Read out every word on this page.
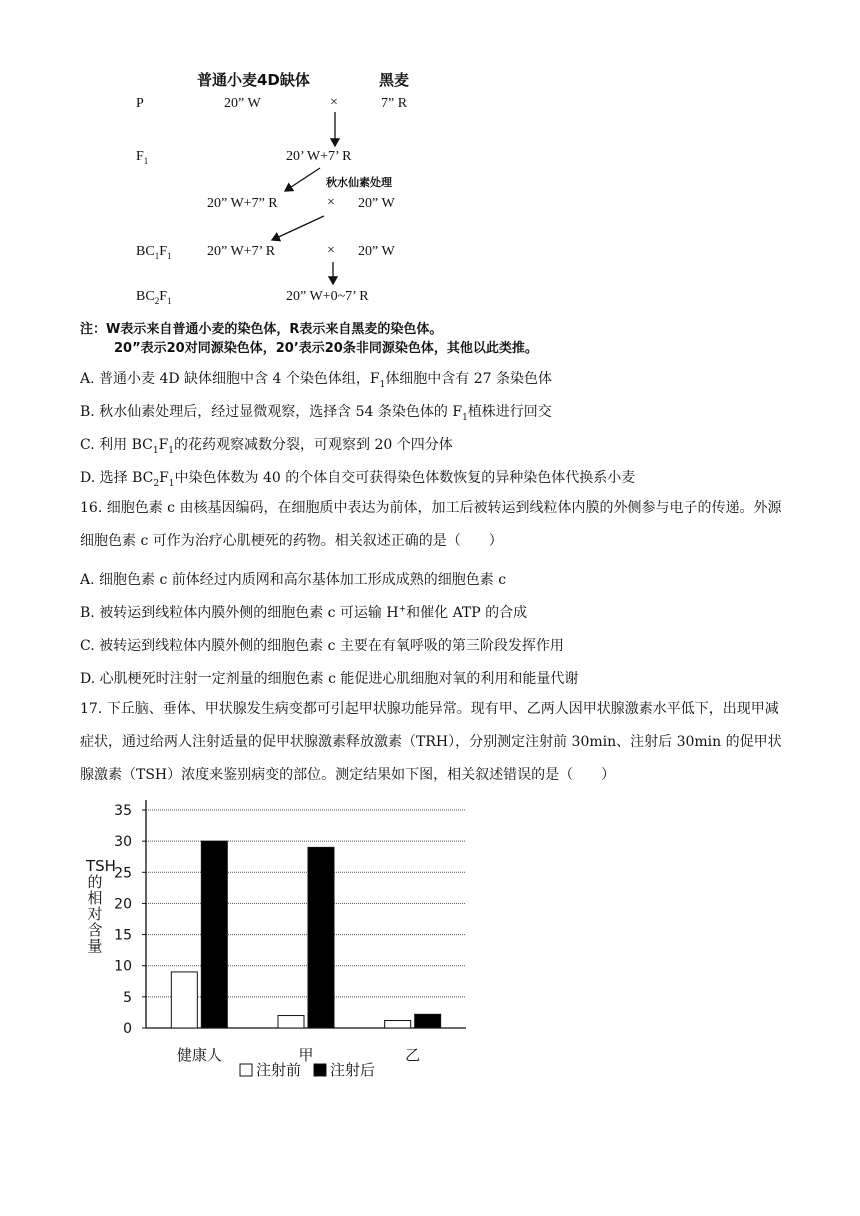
普通小麦4D缺体	黑麦
P	20” W	×	7” R
$F_1$	20’ W+7’ R
秋水仙素处理
20” W+7” R	× 20” W
$BC_1F_1$	20” W+7’ R	× 20” W
$BC_2F_1$	20” W+0~7’ R
注：W表示来自普通小麦的染色体，R表示来自黑麦的染色体。
20”表示20对同源染色体，20’表示20条非同源染色体，其他以此类推。
A. 普通小麦 4D 缺体细胞中含 4 个染色体组，$F_1$体细胞中含有 27 条染色体
B. 秋水仙素处理后，经过显微观察，选择含 54 条染色体的 $F_1$植株进行回交
C. 利用 $BC_1F_1$的花药观察减数分裂，可观察到 20 个四分体
D. 选择 $BC_2F_1$中染色体数为 40 的个体自交可获得染色体数恢复的异种染色体代换系小麦
16. 细胞色素 c 由核基因编码，在细胞质中表达为前体，加工后被转运到线粒体内膜的外侧参与电子的传递。外源细胞色素 c 可作为治疗心肌梗死的药物。相关叙述正确的是（　　）
A. 细胞色素 c 前体经过内质网和高尔基体加工形成成熟的细胞色素 c
B. 被转运到线粒体内膜外侧的细胞色素 c 可运输 H+和催化 ATP 的合成
C. 被转运到线粒体内膜外侧的细胞色素 c 主要在有氧呼吸的第三阶段发挥作用
D. 心肌梗死时注射一定剂量的细胞色素 c 能促进心肌细胞对氧的利用和能量代谢
17. 下丘脑、垂体、甲状腺发生病变都可引起甲状腺功能异常。现有甲、乙两人因甲状腺激素水平低下，出现甲减症状，通过给两人注射适量的促甲状腺激素释放激素（TRH），分别测定注射前 30min、注射后 30min 的促甲状腺激素（TSH）浓度来鉴别病变的部位。测定结果如下图，相关叙述错误的是（　　）
0
5
10
15
20
25
30
35
健康人	甲	乙
注射前 注射后
TSH的相对含量
